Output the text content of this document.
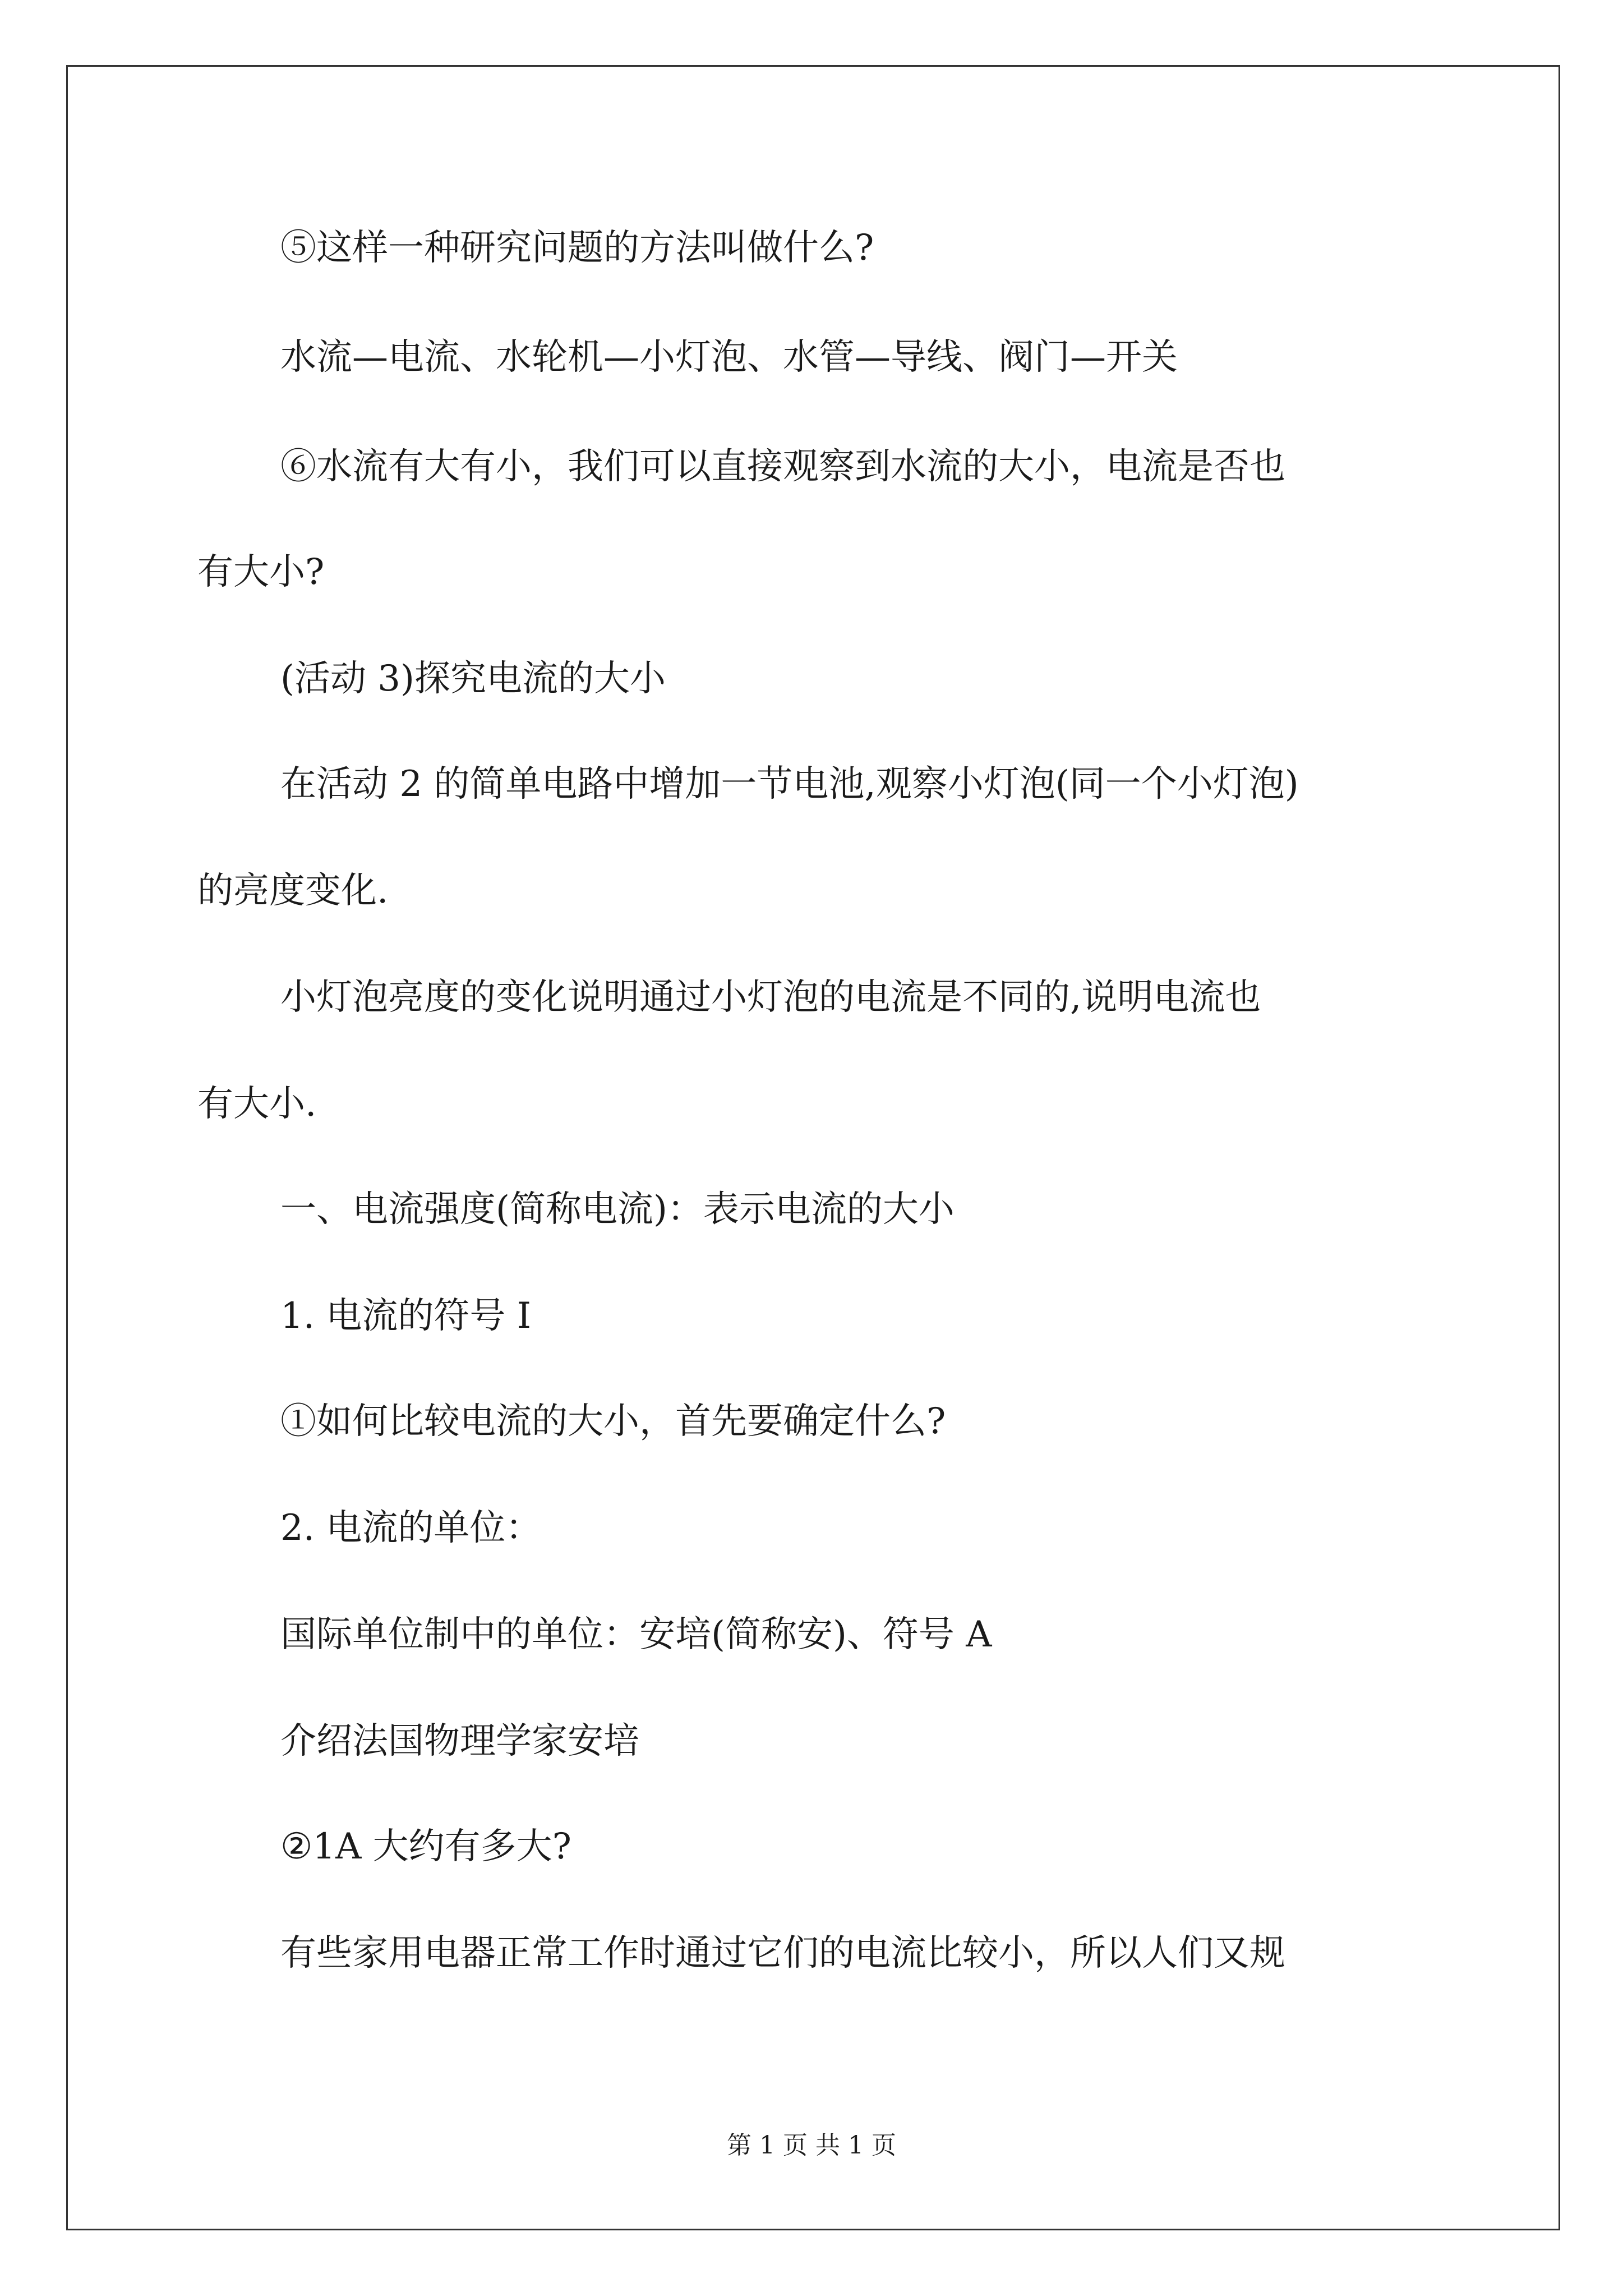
⑤这样一种研究问题的方法叫做什么?
水流—电流、水轮机—小灯泡、水管—导线、阀门—开关
⑥水流有大有小，我们可以直接观察到水流的大小，电流是否也
有大小?
(活动 3)探究电流的大小
在活动 2 的简单电路中增加一节电池,观察小灯泡(同一个小灯泡)
的亮度变化.
小灯泡亮度的变化说明通过小灯泡的电流是不同的,说明电流也
有大小.
一、电流强度(简称电流)：表示电流的大小
1. 电流的符号 I
①如何比较电流的大小，首先要确定什么?
2. 电流的单位：
国际单位制中的单位：安培(简称安)、符号 A
介绍法国物理学家安培
②1A 大约有多大?
有些家用电器正常工作时通过它们的电流比较小，所以人们又规
第 1 页 共 1 页
